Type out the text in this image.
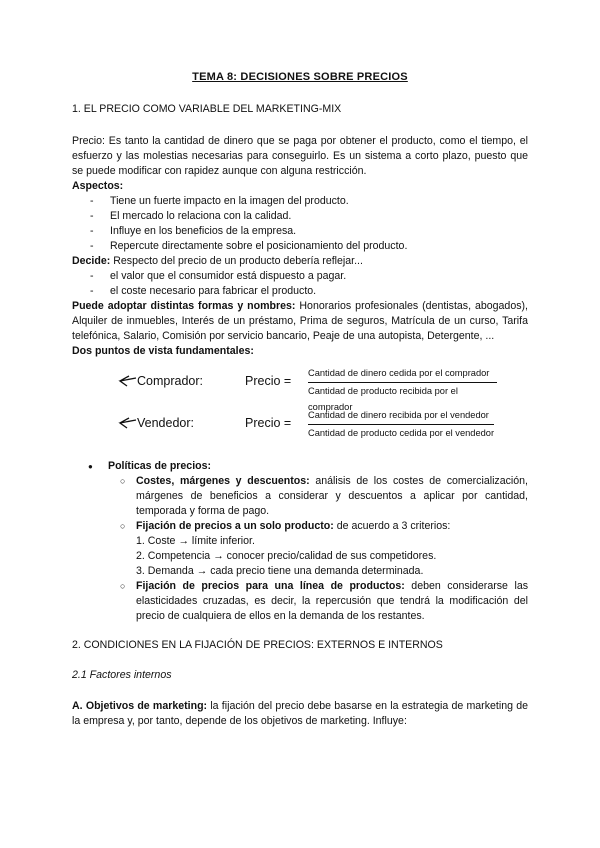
TEMA 8: DECISIONES SOBRE PRECIOS
1. EL PRECIO COMO VARIABLE DEL MARKETING-MIX
Precio: Es tanto la cantidad de dinero que se paga por obtener el producto, como el tiempo, el esfuerzo y las molestias necesarias para conseguirlo. Es un sistema a corto plazo, puesto que se puede modificar con rapidez aunque con alguna restricción.
Aspectos:
- Tiene un fuerte impacto en la imagen del producto.
- El mercado lo relaciona con la calidad.
- Influye en los beneficios de la empresa.
- Repercute directamente sobre el posicionamiento del producto.
Decide: Respecto del precio de un producto debería reflejar...
- el valor que el consumidor está dispuesto a pagar.
- el coste necesario para fabricar el producto.
Puede adoptar distintas formas y nombres: Honorarios profesionales (dentistas, abogados), Alquiler de inmuebles, Interés de un préstamo, Prima de seguros, Matrícula de un curso, Tarifa telefónica, Salario, Comisión por servicio bancario, Peaje de una autopista, Detergente, ...
Dos puntos de vista fundamentales:
Comprador:	Precio =
Cantidad de dinero cedida por el comprador
Cantidad de producto recibida por el comprador
Vendedor:	Precio =
Cantidad de dinero recibida por el vendedor
Cantidad de producto cedida por el vendedor
● Políticas de precios:
○ Costes, márgenes y descuentos: análisis de los costes de comercialización, márgenes de beneficios a considerar y descuentos a aplicar por cantidad, temporada y forma de pago.
○ Fijación de precios a un solo producto: de acuerdo a 3 criterios:
1. Coste → límite inferior.
2. Competencia → conocer precio/calidad de sus competidores.
3. Demanda → cada precio tiene una demanda determinada.
○ Fijación de precios para una línea de productos: deben considerarse las elasticidades cruzadas, es decir, la repercusión que tendrá la modificación del precio de cualquiera de ellos en la demanda de los restantes.
2. CONDICIONES EN LA FIJACIÓN DE PRECIOS: EXTERNOS E INTERNOS
2.1 Factores internos
A. Objetivos de marketing: la fijación del precio debe basarse en la estrategia de marketing de la empresa y, por tanto, depende de los objetivos de marketing. Influye:
